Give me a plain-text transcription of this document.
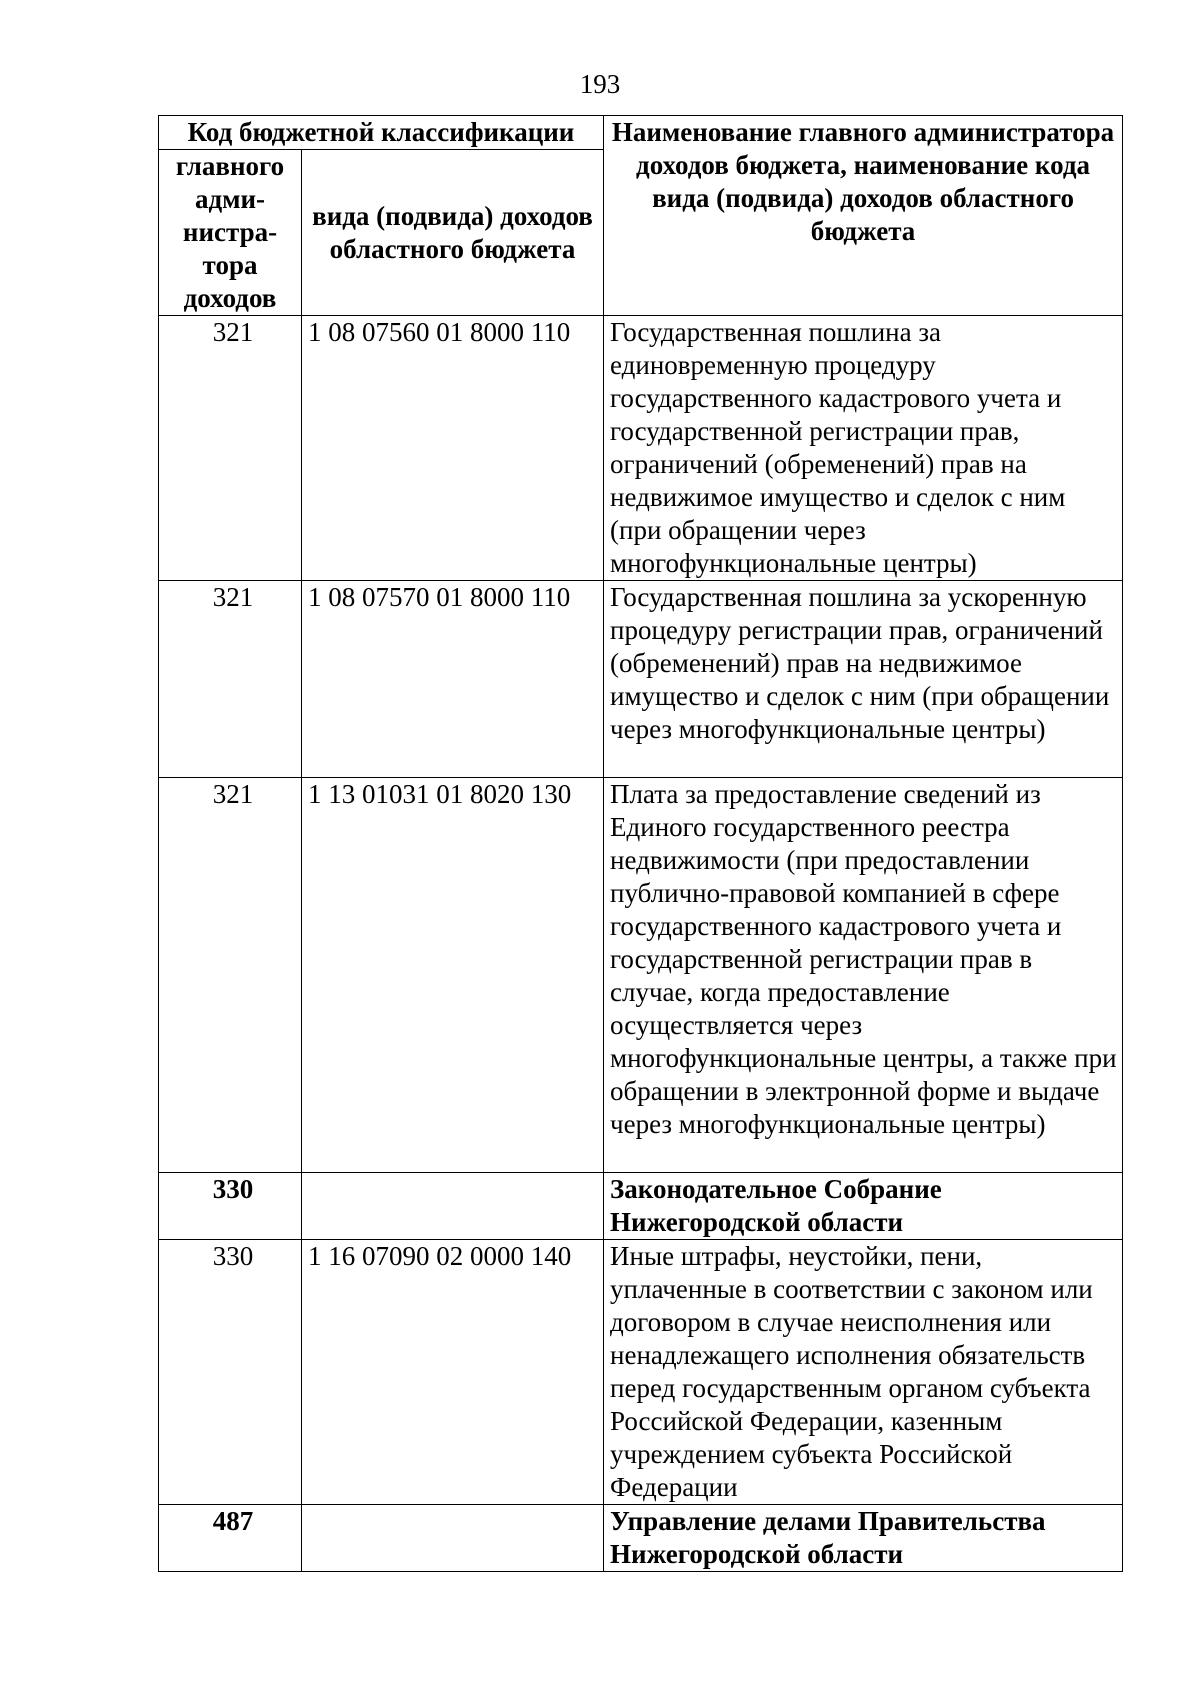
193
Код бюджетной классификации		Наименование главного администратора доходов бюджета, наименование кода вида (подвида) доходов областного бюджета
главного адми- нистра- тора доходов	вида (подвида) доходов областного бюджета	
321	1 08 07560 01 8000 110	Государственная пошлина за единовременную процедуру государственного кадастрового учета и государственной регистрации прав, ограничений (обременений) прав на недвижимое имущество и сделок с ним (при обращении через многофункциональные центры)
321	1 08 07570 01 8000 110	Государственная пошлина за ускоренную процедуру регистрации прав, ограничений (обременений) прав на недвижимое имущество и сделок с ним (при обращении через многофункциональные центры)
321	1 13 01031 01 8020 130	Плата за предоставление сведений из Единого государственного реестра недвижимости (при предоставлении публично-правовой компанией в сфере государственного кадастрового учета и государственной регистрации прав в случае, когда предоставление осуществляется через многофункциональные центры, а также при обращении в электронной форме и выдаче через многофункциональные центры)
330		Законодательное Собрание Нижегородской области
330	1 16 07090 02 0000 140	Иные штрафы, неустойки, пени, уплаченные в соответствии с законом или договором в случае неисполнения или ненадлежащего исполнения обязательств перед государственным органом субъекта Российской Федерации, казенным учреждением субъекта Российской Федерации
487		Управление делами Правительства Нижегородской области
